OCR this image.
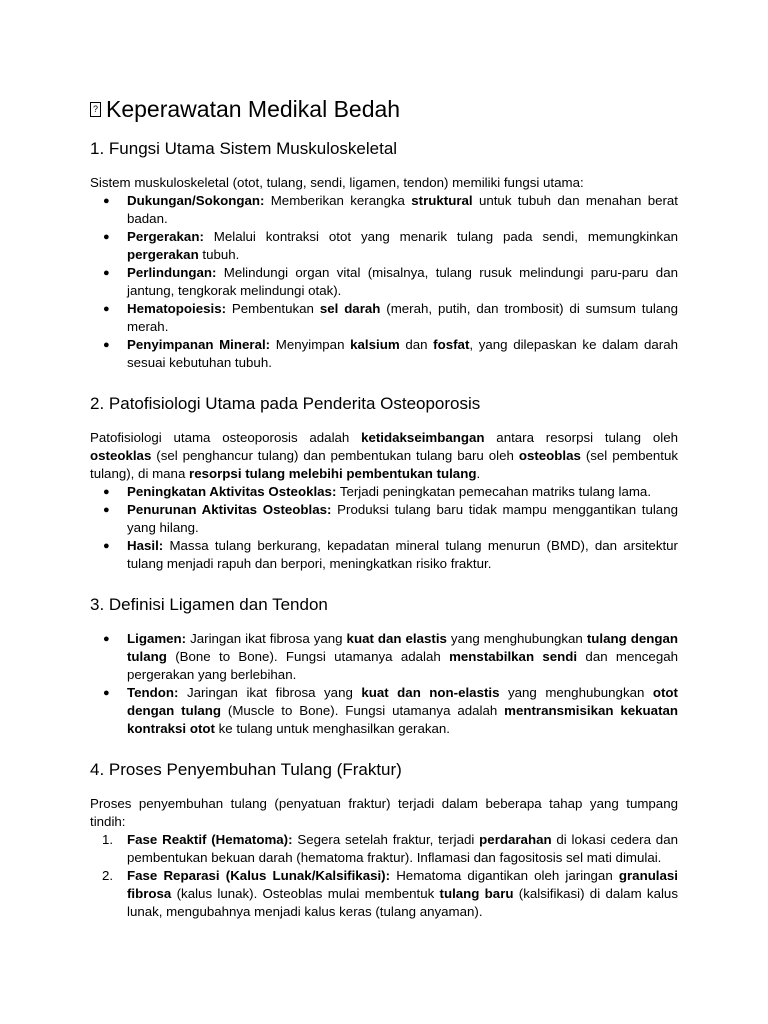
? Keperawatan Medikal Bedah
1. Fungsi Utama Sistem Muskuloskeletal

Sistem muskuloskeletal (otot, tulang, sendi, ligamen, tendon) memiliki fungsi utama:

● Dukungan/Sokongan: Memberikan kerangka struktural untuk tubuh dan menahan berat badan.
● Pergerakan: Melalui kontraksi otot yang menarik tulang pada sendi, memungkinkan pergerakan tubuh.
● Perlindungan: Melindungi organ vital (misalnya, tulang rusuk melindungi paru-paru dan jantung, tengkorak melindungi otak).
● Hematopoiesis: Pembentukan sel darah (merah, putih, dan trombosit) di sumsum tulang merah.
● Penyimpanan Mineral: Menyimpan kalsium dan fosfat, yang dilepaskan ke dalam darah sesuai kebutuhan tubuh.
2. Patofisiologi Utama pada Penderita Osteoporosis

Patofisiologi utama osteoporosis adalah ketidakseimbangan antara resorpsi tulang oleh osteoklas (sel penghancur tulang) dan pembentukan tulang baru oleh osteoblas (sel pembentuk tulang), di mana resorpsi tulang melebihi pembentukan tulang.

● Peningkatan Aktivitas Osteoklas: Terjadi peningkatan pemecahan matriks tulang lama.
● Penurunan Aktivitas Osteoblas: Produksi tulang baru tidak mampu menggantikan tulang yang hilang.
● Hasil: Massa tulang berkurang, kepadatan mineral tulang menurun (BMD), dan arsitektur tulang menjadi rapuh dan berpori, meningkatkan risiko fraktur.
3. Definisi Ligamen dan Tendon
● Ligamen: Jaringan ikat fibrosa yang kuat dan elastis yang menghubungkan tulang dengan tulang (Bone to Bone). Fungsi utamanya adalah menstabilkan sendi dan mencegah pergerakan yang berlebihan.
● Tendon: Jaringan ikat fibrosa yang kuat dan non-elastis yang menghubungkan otot dengan tulang (Muscle to Bone). Fungsi utamanya adalah mentransmisikan kekuatan kontraksi otot ke tulang untuk menghasilkan gerakan.
4. Proses Penyembuhan Tulang (Fraktur)

Proses penyembuhan tulang (penyatuan fraktur) terjadi dalam beberapa tahap yang tumpang tindih:

1. Fase Reaktif (Hematoma): Segera setelah fraktur, terjadi perdarahan di lokasi cedera dan pembentukan bekuan darah (hematoma fraktur). Inflamasi dan fagositosis sel mati dimulai.
2. Fase Reparasi (Kalus Lunak/Kalsifikasi): Hematoma digantikan oleh jaringan granulasi fibrosa (kalus lunak). Osteoblas mulai membentuk tulang baru (kalsifikasi) di dalam kalus lunak, mengubahnya menjadi kalus keras (tulang anyaman).
